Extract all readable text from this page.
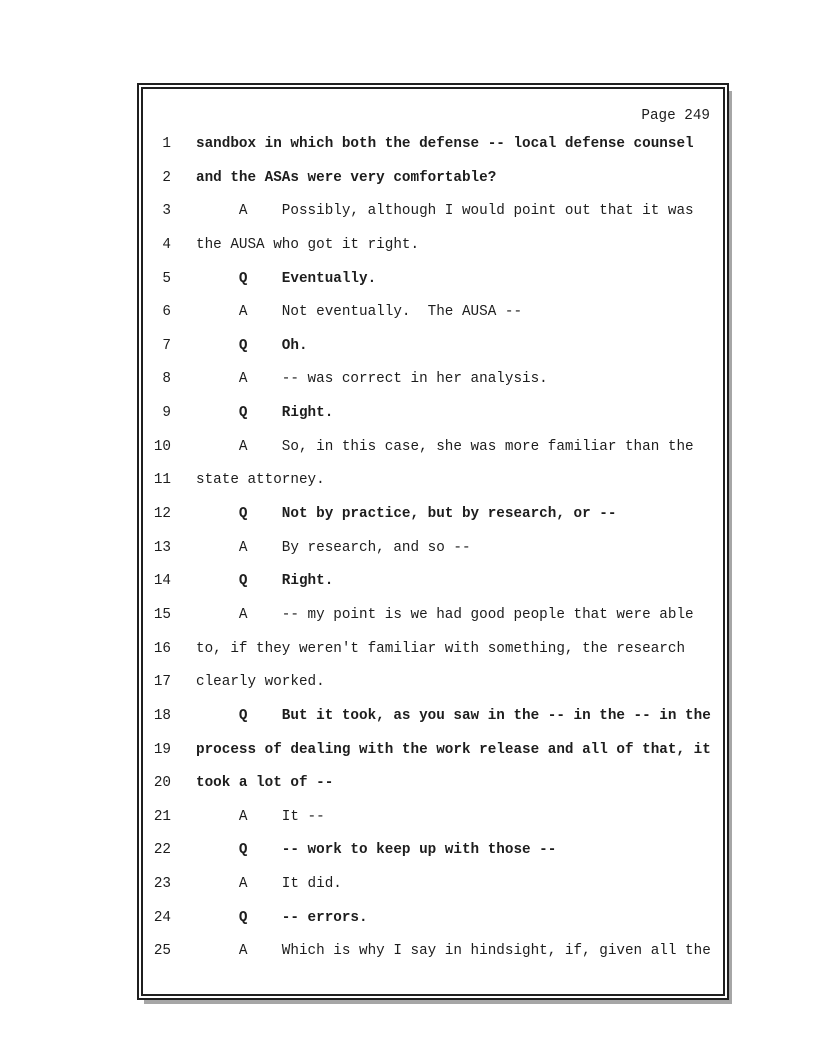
Page 249
1 sandbox in which both the defense -- local defense counsel
2 and the ASAs were very comfortable?
3 A    Possibly, although I would point out that it was
4 the AUSA who got it right.
5 Q    Eventually.
6 A    Not eventually.  The AUSA --
7 Q    Oh.
8 A    -- was correct in her analysis.
9 Q    Right.
10 A    So, in this case, she was more familiar than the
11 state attorney.
12 Q    Not by practice, but by research, or --
13 A    By research, and so --
14 Q    Right.
15 A    -- my point is we had good people that were able
16 to, if they weren't familiar with something, the research
17 clearly worked.
18 Q    But it took, as you saw in the -- in the -- in the
19 process of dealing with the work release and all of that, it
20 took a lot of --
21 A    It --
22 Q    -- work to keep up with those --
23 A    It did.
24 Q    -- errors.
25 A    Which is why I say in hindsight, if, given all the
